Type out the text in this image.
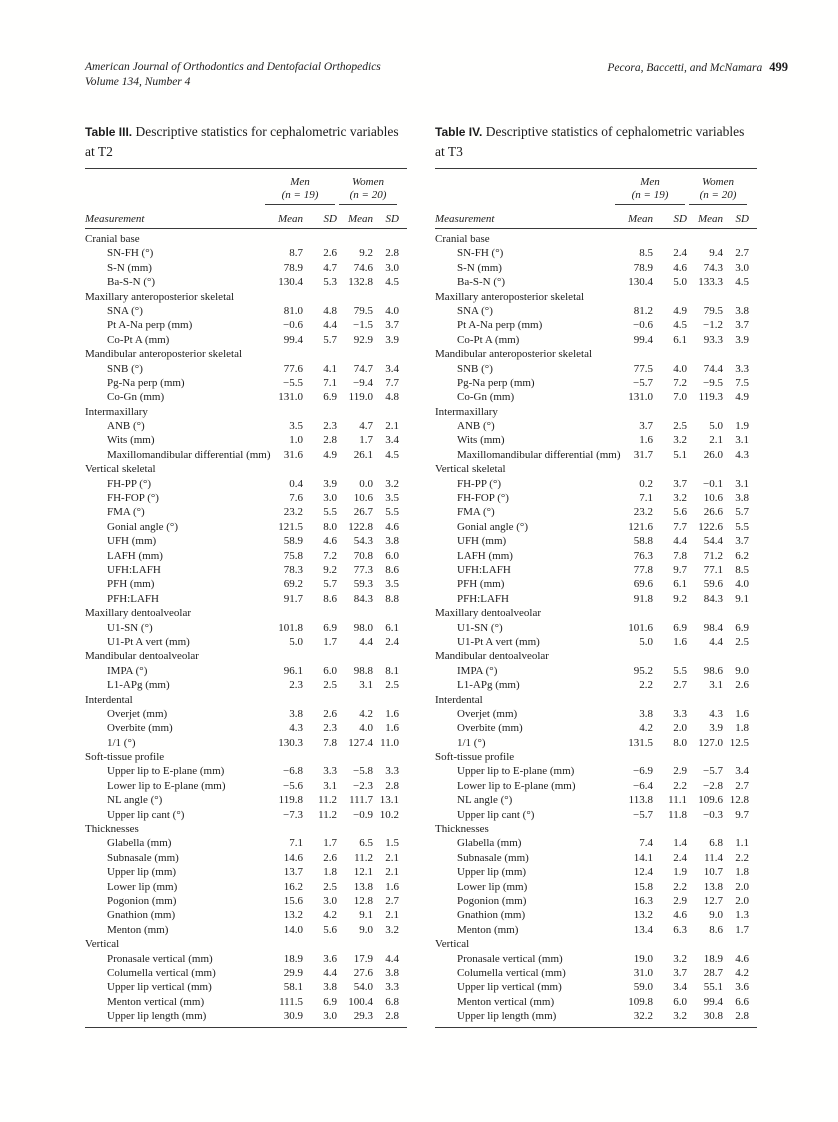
American Journal of Orthodontics and Dentofacial Orthopedics
Volume 134, Number 4
Pecora, Baccetti, and McNamara 499
Table III. Descriptive statistics for cephalometric variables at T2
Men
(n = 19)
Women
(n = 20)
Measurement	Mean	SD Mean	SD
Cranial base
SN-FH (°)	8.7	2.6	9.2	2.8
S-N (mm)	78.9	4.7	74.6	3.0
Ba-S-N (°)	130.4	5.3	132.8	4.5
Maxillary anteroposterior skeletal
SNA (°)	81.0	4.8	79.5	4.0
Pt A-Na perp (mm)	−0.6	4.4	−1.5	3.7
Co-Pt A (mm)	99.4	5.7	92.9	3.9
Mandibular anteroposterior skeletal
SNB (°)	77.6	4.1	74.7	3.4
Pg-Na perp (mm)	−5.5	7.1	−9.4	7.7
Co-Gn (mm)	131.0	6.9	119.0	4.8
Intermaxillary
ANB (°)	3.5	2.3	4.7	2.1
Wits (mm)	1.0	2.8	1.7	3.4
Maxillomandibular differential (mm)	31.6	4.9	26.1	4.5
Vertical skeletal
FH-PP (°)	0.4	3.9	0.0	3.2
FH-FOP (°)	7.6	3.0	10.6	3.5
FMA (°)	23.2	5.5	26.7	5.5
Gonial angle (°)	121.5	8.0	122.8	4.6
UFH (mm)	58.9	4.6	54.3	3.8
LAFH (mm)	75.8	7.2	70.8	6.0
UFH:LAFH	78.3	9.2	77.3	8.6
PFH (mm)	69.2	5.7	59.3	3.5
PFH:LAFH	91.7	8.6	84.3	8.8
Maxillary dentoalveolar
U1-SN (°)	101.8	6.9	98.0	6.1
U1-Pt A vert (mm)	5.0	1.7	4.4	2.4
Mandibular dentoalveolar
IMPA (°)	96.1	6.0	98.8	8.1
L1-APg (mm)	2.3	2.5	3.1	2.5
Interdental
Overjet (mm)	3.8	2.6	4.2	1.6
Overbite (mm)	4.3	2.3	4.0	1.6
1/1 (°)	130.3	7.8	127.4 11.0
Soft-tissue profile
Upper lip to E-plane (mm)	−6.8	3.3	−5.8	3.3
Lower lip to E-plane (mm)	−5.6	3.1	−2.3	2.8
NL angle (°)	119.8	11.2	111.7 13.1
Upper lip cant (°)	−7.3	11.2	−0.9 10.2
Thicknesses
Glabella (mm)	7.1	1.7	6.5	1.5
Subnasale (mm)	14.6	2.6	11.2	2.1
Upper lip (mm)	13.7	1.8	12.1	2.1
Lower lip (mm)	16.2	2.5	13.8	1.6
Pogonion (mm)	15.6	3.0	12.8	2.7
Gnathion (mm)	13.2	4.2	9.1	2.1
Menton (mm)	14.0	5.6	9.0	3.2
Vertical
Pronasale vertical (mm)	18.9	3.6	17.9	4.4
Columella vertical (mm)	29.9	4.4	27.6	3.8
Upper lip vertical (mm)	58.1	3.8	54.0	3.3
Menton vertical (mm)	111.5	6.9	100.4	6.8
Upper lip length (mm)	30.9	3.0	29.3	2.8
Table IV. Descriptive statistics of cephalometric variables at T3
Men
(n = 19)
Women
(n = 20)
Measurement	Mean	SD Mean	SD
Cranial base
SN-FH (°)	8.5	2.4	9.4	2.7
S-N (mm)	78.9	4.6	74.3	3.0
Ba-S-N (°)	130.4	5.0	133.3	4.5
Maxillary anteroposterior skeletal
SNA (°)	81.2	4.9	79.5	3.8
Pt A-Na perp (mm)	−0.6	4.5	−1.2	3.7
Co-Pt A (mm)	99.4	6.1	93.3	3.9
Mandibular anteroposterior skeletal
SNB (°)	77.5	4.0	74.4	3.3
Pg-Na perp (mm)	−5.7	7.2	−9.5	7.5
Co-Gn (mm)	131.0	7.0	119.3	4.9
Intermaxillary
ANB (°)	3.7	2.5	5.0	1.9
Wits (mm)	1.6	3.2	2.1	3.1
Maxillomandibular differential (mm)	31.7	5.1	26.0	4.3
Vertical skeletal
FH-PP (°)	0.2	3.7	−0.1	3.1
FH-FOP (°)	7.1	3.2	10.6	3.8
FMA (°)	23.2	5.6	26.6	5.7
Gonial angle (°)	121.6	7.7	122.6	5.5
UFH (mm)	58.8	4.4	54.4	3.7
LAFH (mm)	76.3	7.8	71.2	6.2
UFH:LAFH	77.8	9.7	77.1	8.5
PFH (mm)	69.6	6.1	59.6	4.0
PFH:LAFH	91.8	9.2	84.3	9.1
Maxillary dentoalveolar
U1-SN (°)	101.6	6.9	98.4	6.9
U1-Pt A vert (mm)	5.0	1.6	4.4	2.5
Mandibular dentoalveolar
IMPA (°)	95.2	5.5	98.6	9.0
L1-APg (mm)	2.2	2.7	3.1	2.6
Interdental
Overjet (mm)	3.8	3.3	4.3	1.6
Overbite (mm)	4.2	2.0	3.9	1.8
1/1 (°)	131.5	8.0	127.0 12.5
Soft-tissue profile
Upper lip to E-plane (mm)	−6.9	2.9	−5.7	3.4
Lower lip to E-plane (mm)	−6.4	2.2	−2.8	2.7
NL angle (°)	113.8	11.1	109.6 12.8
Upper lip cant (°)	−5.7	11.8	−0.3	9.7
Thicknesses
Glabella (mm)	7.4	1.4	6.8	1.1
Subnasale (mm)	14.1	2.4	11.4	2.2
Upper lip (mm)	12.4	1.9	10.7	1.8
Lower lip (mm)	15.8	2.2	13.8	2.0
Pogonion (mm)	16.3	2.9	12.7	2.0
Gnathion (mm)	13.2	4.6	9.0	1.3
Menton (mm)	13.4	6.3	8.6	1.7
Vertical
Pronasale vertical (mm)	19.0	3.2	18.9	4.6
Columella vertical (mm)	31.0	3.7	28.7	4.2
Upper lip vertical (mm)	59.0	3.4	55.1	3.6
Menton vertical (mm)	109.8	6.0	99.4	6.6
Upper lip length (mm)	32.2	3.2	30.8	2.8
